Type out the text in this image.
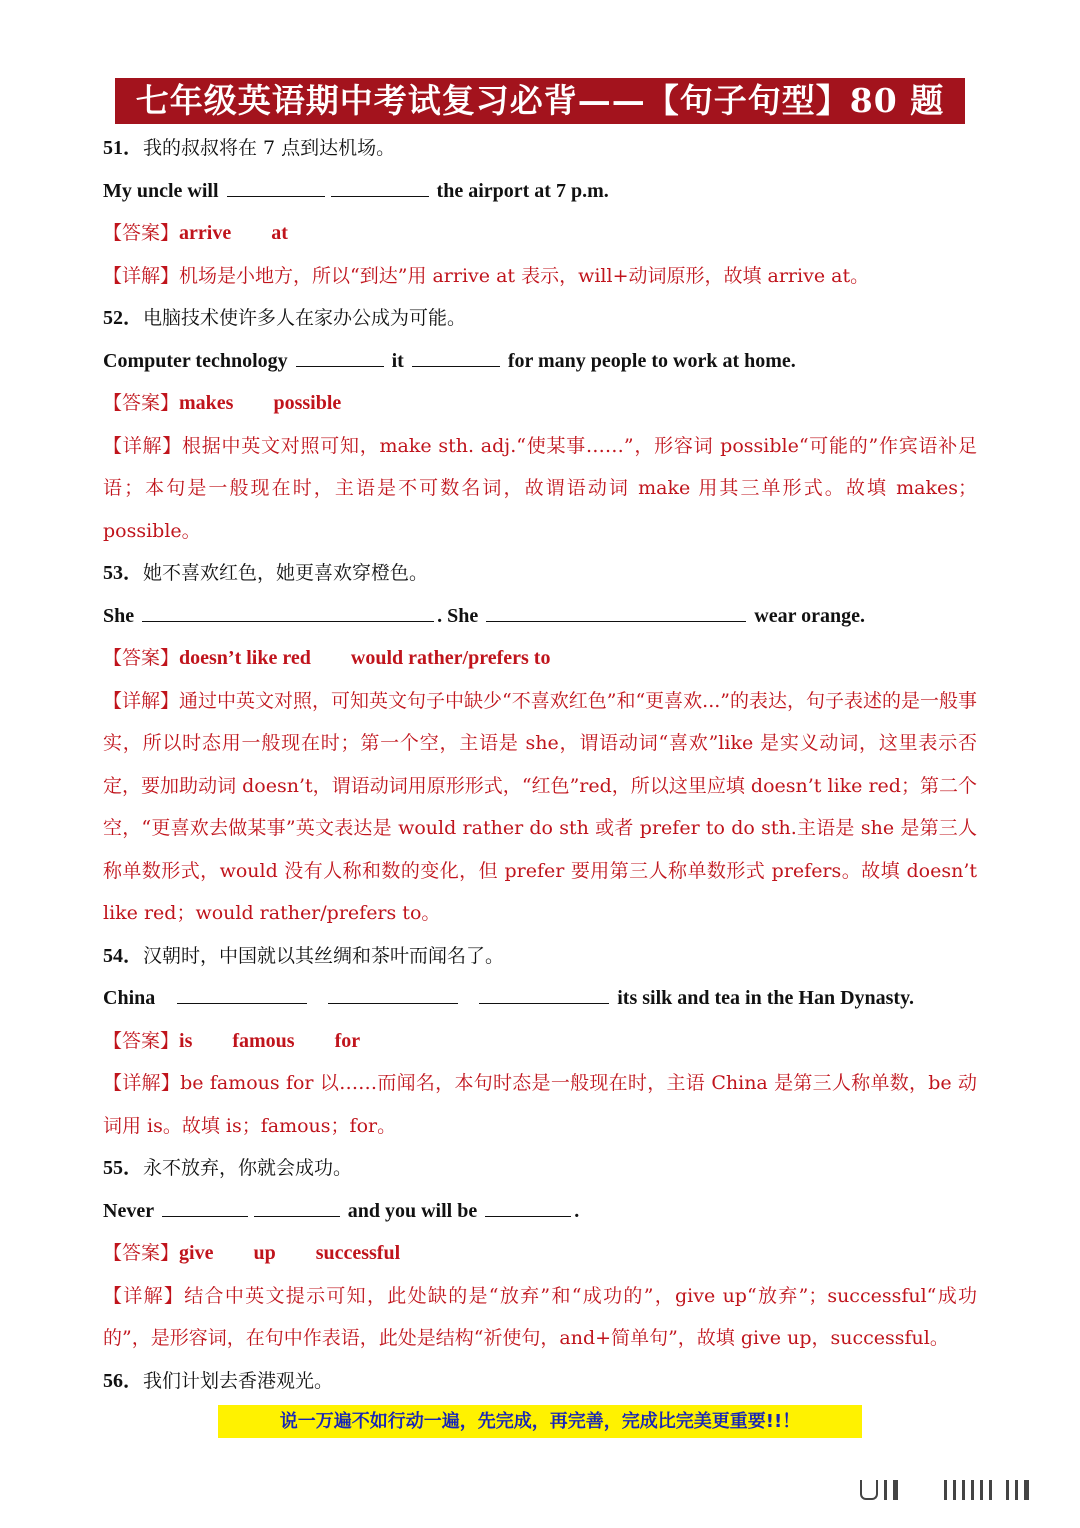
七年级英语期中考试复习必背——【句子句型】80 题

51．我的叔叔将在 7 点到达机场。

My uncle will	the airport at 7 p.m.

【答案】arrive at

【详解】机场是小地方，所以“到达”用 arrive at 表示，will+动词原形，故填 arrive at。

52．电脑技术使许多人在家办公成为可能。

Computer technology	it	for many people to work at home.

【答案】makes possible

【详解】根据中英文对照可知，make sth. adj.“使某事……”，形容词 possible“可能的”作宾语补足语；本句是一般现在时，主语是不可数名词，故谓语动词 make 用其三单形式。故填 makes；possible。

53．她不喜欢红色，她更喜欢穿橙色。

She	. She	wear orange.

【答案】doesn’t like red would rather/prefers to

【详解】通过中英文对照，可知英文句子中缺少“不喜欢红色”和“更喜欢...”的表达，句子表述的是一般事实，所以时态用一般现在时；第一个空，主语是 she，谓语动词“喜欢”like 是实义动词，这里表示否定，要加助动词 doesn’t，谓语动词用原形形式，“红色”red，所以这里应填 doesn’t like red；第二个空，“更喜欢去做某事”英文表达是 would rather do sth 或者 prefer to do sth.主语是 she 是第三人称单数形式，would 没有人称和数的变化，但 prefer 要用第三人称单数形式 prefers。故填 doesn’t like red；would rather/prefers to。

54．汉朝时，中国就以其丝绸和茶叶而闻名了。

China	its silk and tea in the Han Dynasty.

【答案】is famous for

【详解】be famous for 以……而闻名，本句时态是一般现在时，主语 China 是第三人称单数，be 动词用 is。故填 is；famous；for。

55．永不放弃，你就会成功。

Never	and you will be	.

【答案】give up successful

【详解】结合中英文提示可知，此处缺的是“放弃”和“成功的”，give up“放弃”；successful“成功的”，是形容词，在句中作表语，此处是结构“祈使句，and+简单句”，故填 give up，successful。

56．我们计划去香港观光。

说一万遍不如行动一遍，先完成，再完善，完成比完美更重要!!！
